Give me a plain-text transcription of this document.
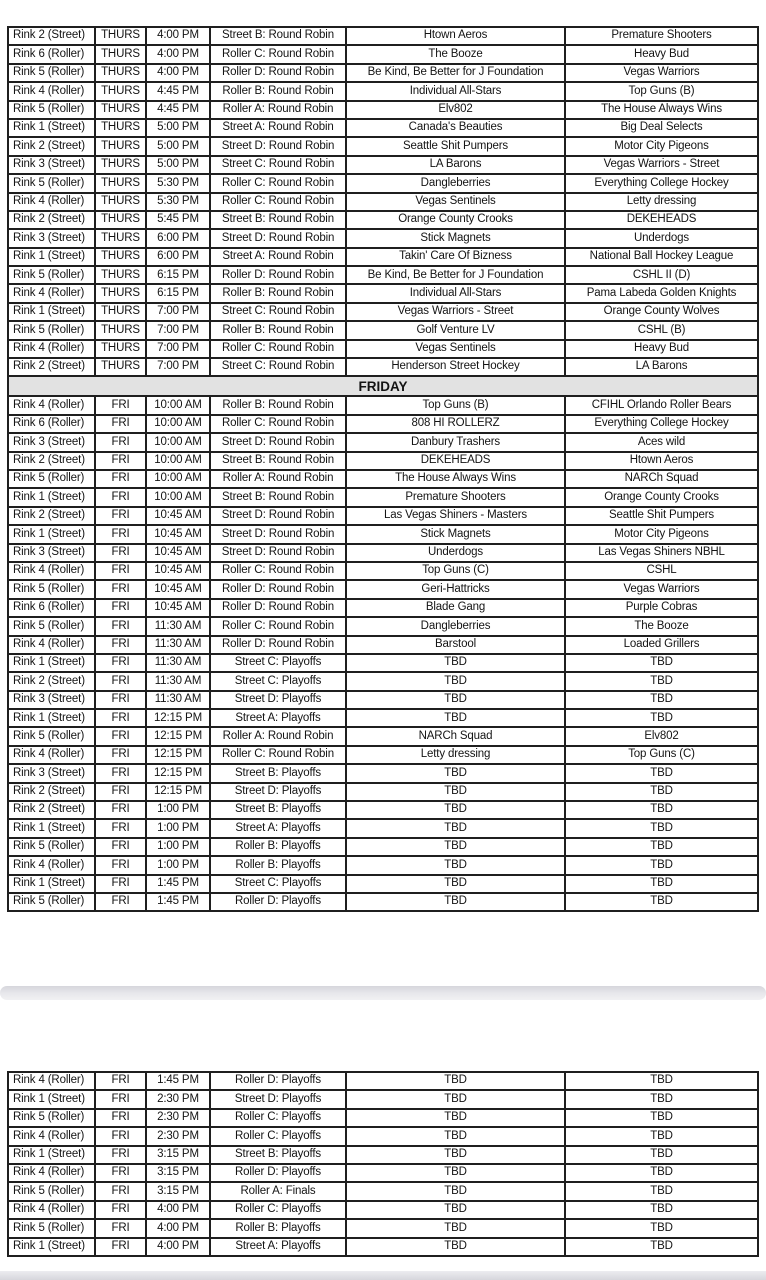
Rink 2 (Street)	THURS	4:00 PM	Street B: Round Robin	Htown Aeros	Premature Shooters
Rink 6 (Roller)	THURS	4:00 PM	Roller C: Round Robin	The Booze	Heavy Bud
Rink 5 (Roller)	THURS	4:00 PM	Roller D: Round Robin	Be Kind, Be Better for J Foundation	Vegas Warriors
Rink 4 (Roller)	THURS	4:45 PM	Roller B: Round Robin	Individual All-Stars	Top Guns (B)
Rink 5 (Roller)	THURS	4:45 PM	Roller A: Round Robin	Elv802	The House Always Wins
Rink 1 (Street)	THURS	5:00 PM	Street A: Round Robin	Canada's Beauties	Big Deal Selects
Rink 2 (Street)	THURS	5:00 PM	Street D: Round Robin	Seattle Shit Pumpers	Motor City Pigeons
Rink 3 (Street)	THURS	5:00 PM	Street C: Round Robin	LA Barons	Vegas Warriors - Street
Rink 5 (Roller)	THURS	5:30 PM	Roller C: Round Robin	Dangleberries	Everything College Hockey
Rink 4 (Roller)	THURS	5:30 PM	Roller C: Round Robin	Vegas Sentinels	Letty dressing
Rink 2 (Street)	THURS	5:45 PM	Street B: Round Robin	Orange County Crooks	DEKEHEADS
Rink 3 (Street)	THURS	6:00 PM	Street D: Round Robin	Stick Magnets	Underdogs
Rink 1 (Street)	THURS	6:00 PM	Street A: Round Robin	Takin' Care Of Bizness	National Ball Hockey League
Rink 5 (Roller)	THURS	6:15 PM	Roller D: Round Robin	Be Kind, Be Better for J Foundation	CSHL II (D)
Rink 4 (Roller)	THURS	6:15 PM	Roller B: Round Robin	Individual All-Stars	Pama Labeda Golden Knights
Rink 1 (Street)	THURS	7:00 PM	Street C: Round Robin	Vegas Warriors - Street	Orange County Wolves
Rink 5 (Roller)	THURS	7:00 PM	Roller B: Round Robin	Golf Venture LV	CSHL (B)
Rink 4 (Roller)	THURS	7:00 PM	Roller C: Round Robin	Vegas Sentinels	Heavy Bud
Rink 2 (Street)	THURS	7:00 PM	Street C: Round Robin	Henderson Street Hockey	LA Barons
FRIDAY					
Rink 4 (Roller)	FRI	10:00 AM	Roller B: Round Robin	Top Guns (B)	CFIHL Orlando Roller Bears
Rink 6 (Roller)	FRI	10:00 AM	Roller C: Round Robin	808 HI ROLLERZ	Everything College Hockey
Rink 3 (Street)	FRI	10:00 AM	Street D: Round Robin	Danbury Trashers	Aces wild
Rink 2 (Street)	FRI	10:00 AM	Street B: Round Robin	DEKEHEADS	Htown Aeros
Rink 5 (Roller)	FRI	10:00 AM	Roller A: Round Robin	The House Always Wins	NARCh Squad
Rink 1 (Street)	FRI	10:00 AM	Street B: Round Robin	Premature Shooters	Orange County Crooks
Rink 2 (Street)	FRI	10:45 AM	Street D: Round Robin	Las Vegas Shiners - Masters	Seattle Shit Pumpers
Rink 1 (Street)	FRI	10:45 AM	Street D: Round Robin	Stick Magnets	Motor City Pigeons
Rink 3 (Street)	FRI	10:45 AM	Street D: Round Robin	Underdogs	Las Vegas Shiners NBHL
Rink 4 (Roller)	FRI	10:45 AM	Roller C: Round Robin	Top Guns (C)	CSHL
Rink 5 (Roller)	FRI	10:45 AM	Roller D: Round Robin	Geri-Hattricks	Vegas Warriors
Rink 6 (Roller)	FRI	10:45 AM	Roller D: Round Robin	Blade Gang	Purple Cobras
Rink 5 (Roller)	FRI	11:30 AM	Roller C: Round Robin	Dangleberries	The Booze
Rink 4 (Roller)	FRI	11:30 AM	Roller D: Round Robin	Barstool	Loaded Grillers
Rink 1 (Street)	FRI	11:30 AM	Street C: Playoffs	TBD	TBD
Rink 2 (Street)	FRI	11:30 AM	Street C: Playoffs	TBD	TBD
Rink 3 (Street)	FRI	11:30 AM	Street D: Playoffs	TBD	TBD
Rink 1 (Street)	FRI	12:15 PM	Street A: Playoffs	TBD	TBD
Rink 5 (Roller)	FRI	12:15 PM	Roller A: Round Robin	NARCh Squad	Elv802
Rink 4 (Roller)	FRI	12:15 PM	Roller C: Round Robin	Letty dressing	Top Guns (C)
Rink 3 (Street)	FRI	12:15 PM	Street B: Playoffs	TBD	TBD
Rink 2 (Street)	FRI	12:15 PM	Street D: Playoffs	TBD	TBD
Rink 2 (Street)	FRI	1:00 PM	Street B: Playoffs	TBD	TBD
Rink 1 (Street)	FRI	1:00 PM	Street A: Playoffs	TBD	TBD
Rink 5 (Roller)	FRI	1:00 PM	Roller B: Playoffs	TBD	TBD
Rink 4 (Roller)	FRI	1:00 PM	Roller B: Playoffs	TBD	TBD
Rink 1 (Street)	FRI	1:45 PM	Street C: Playoffs	TBD	TBD
Rink 5 (Roller)	FRI	1:45 PM	Roller D: Playoffs	TBD	TBD
Rink 4 (Roller)	FRI	1:45 PM	Roller D: Playoffs	TBD	TBD
Rink 1 (Street)	FRI	2:30 PM	Street D: Playoffs	TBD	TBD
Rink 5 (Roller)	FRI	2:30 PM	Roller C: Playoffs	TBD	TBD
Rink 4 (Roller)	FRI	2:30 PM	Roller C: Playoffs	TBD	TBD
Rink 1 (Street)	FRI	3:15 PM	Street B: Playoffs	TBD	TBD
Rink 4 (Roller)	FRI	3:15 PM	Roller D: Playoffs	TBD	TBD
Rink 5 (Roller)	FRI	3:15 PM	Roller A: Finals	TBD	TBD
Rink 4 (Roller)	FRI	4:00 PM	Roller C: Playoffs	TBD	TBD
Rink 5 (Roller)	FRI	4:00 PM	Roller B: Playoffs	TBD	TBD
Rink 1 (Street)	FRI	4:00 PM	Street A: Playoffs	TBD	TBD
